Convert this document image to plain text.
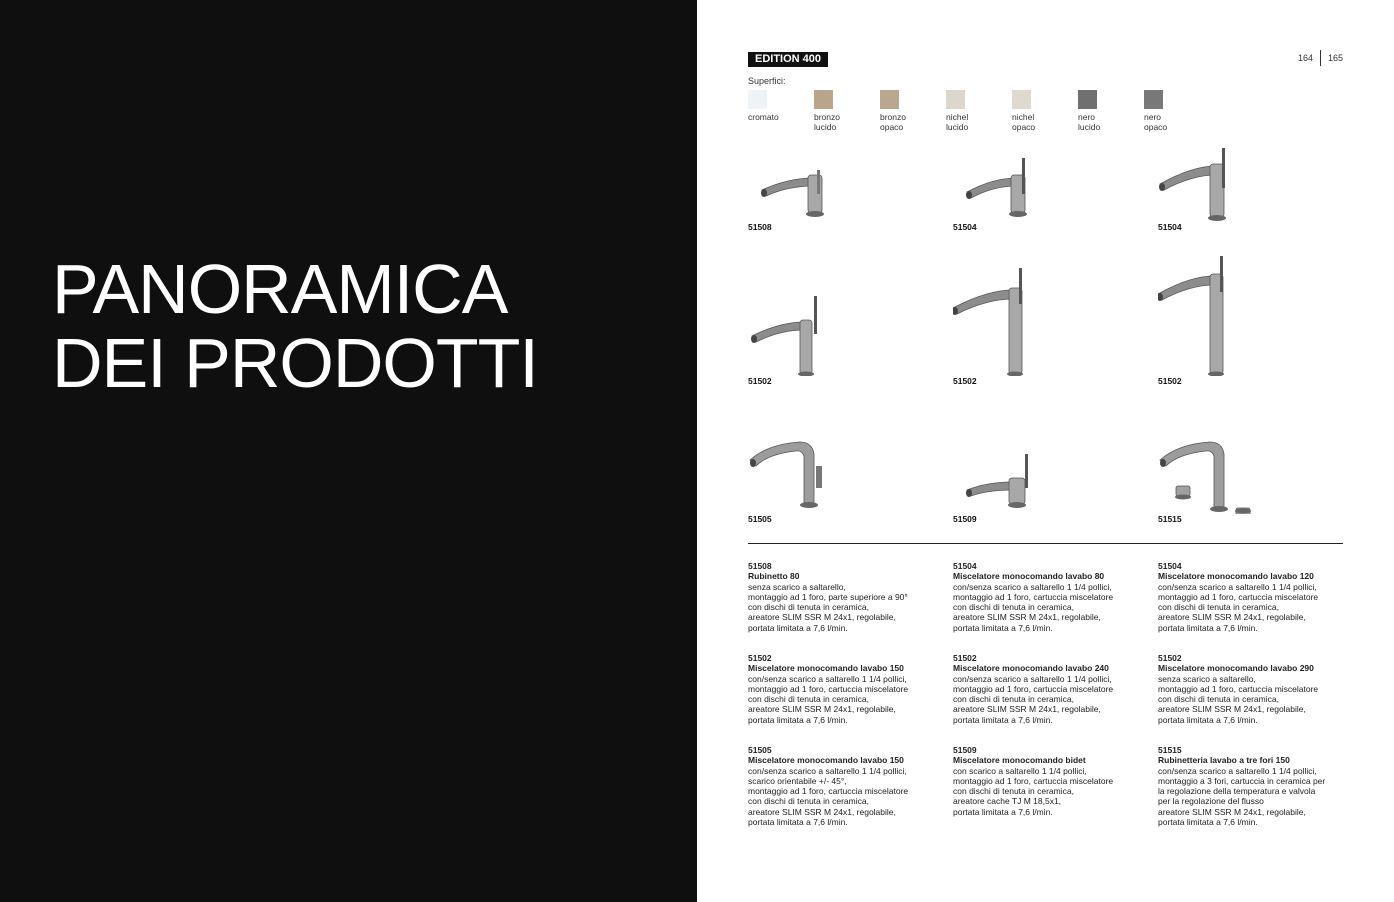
PANORAMICA
DEI PRODOTTI
EDITION 400	164 165
Superfici:
cromato	bronzo
lucido
bronzo
opaco
nichel
lucido
nichel
opaco
nero
lucido
nero
opaco
51508	51504	51504
51502	51502	51502
51505	51509	51515
51508
Rubinetto 80
senza scarico a saltarello,
montaggio ad 1 foro, parte superiore a 90°
con dischi di tenuta in ceramica,
areatore SLIM SSR M 24x1, regolabile,
portata limitata a 7,6 l/min.
51504
Miscelatore monocomando lavabo 80
con/senza scarico a saltarello 1 1/4 pollici,
montaggio ad 1 foro, cartuccia miscelatore
con dischi di tenuta in ceramica,
areatore SLIM SSR M 24x1, regolabile,
portata limitata a 7,6 l/min.
51504
Miscelatore monocomando lavabo 120
con/senza scarico a saltarello 1 1/4 pollici,
montaggio ad 1 foro, cartuccia miscelatore
con dischi di tenuta in ceramica,
areatore SLIM SSR M 24x1, regolabile,
portata limitata a 7,6 l/min.
51502
Miscelatore monocomando lavabo 150
con/senza scarico a saltarello 1 1/4 pollici,
montaggio ad 1 foro, cartuccia miscelatore
con dischi di tenuta in ceramica,
areatore SLIM SSR M 24x1, regolabile,
portata limitata a 7,6 l/min.
51502
Miscelatore monocomando lavabo 240
con/senza scarico a saltarello 1 1/4 pollici,
montaggio ad 1 foro, cartuccia miscelatore
con dischi di tenuta in ceramica,
areatore SLIM SSR M 24x1, regolabile,
portata limitata a 7,6 l/min.
51502
Miscelatore monocomando lavabo 290
senza scarico a saltarello,
montaggio ad 1 foro, cartuccia miscelatore
con dischi di tenuta in ceramica,
areatore SLIM SSR M 24x1, regolabile,
portata limitata a 7,6 l/min.
51505
Miscelatore monocomando lavabo 150
con/senza scarico a saltarello 1 1/4 pollici,
scarico orientabile +/- 45°,
montaggio ad 1 foro, cartuccia miscelatore
con dischi di tenuta in ceramica,
areatore SLIM SSR M 24x1, regolabile,
portata limitata a 7,6 l/min.
51509
Miscelatore monocomando bidet
con scarico a saltarello 1 1/4 pollici,
montaggio ad 1 foro, cartuccia miscelatore
con dischi di tenuta in ceramica,
areatore cache TJ M 18,5x1,
portata limitata a 7,6 l/min.
51515
Rubinetteria lavabo a tre fori 150
con/senza scarico a saltarello 1 1/4 pollici,
montaggio a 3 fori, cartuccia in ceramica per
la regolazione della temperatura e valvola
per la regolazione del flusso
areatore SLIM SSR M 24x1, regolabile,
portata limitata a 7,6 l/min.
